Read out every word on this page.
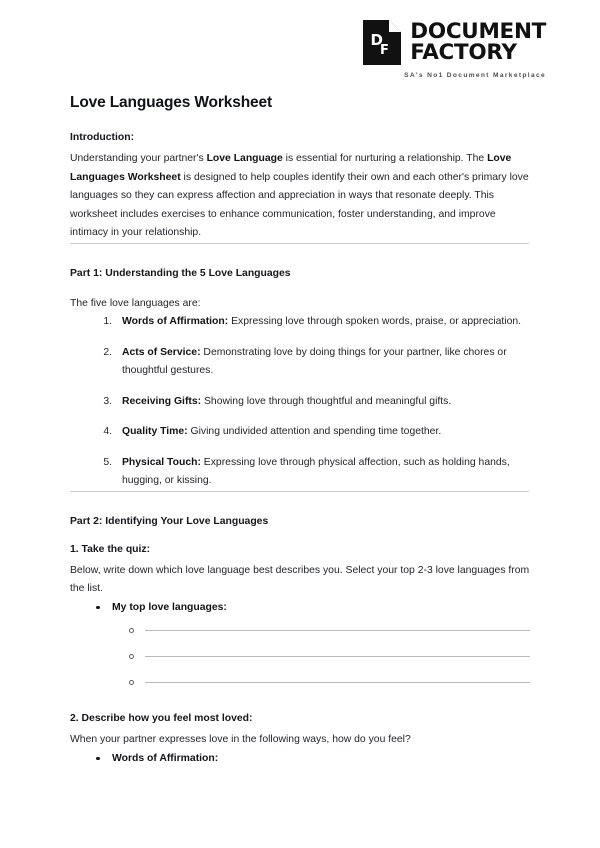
D
F
DOCUMENT
FACTORY
SA's No1 Document Marketplace
Love Languages Worksheet
Introduction:

Understanding your partner's Love Language is essential for nurturing a relationship. The Love Languages Worksheet is designed to help couples identify their own and each other's primary love languages so they can express affection and appreciation in ways that resonate deeply. This worksheet includes exercises to enhance communication, foster understanding, and improve intimacy in your relationship.

Part 1: Understanding the 5 Love Languages

The five love languages are:

1. Words of Affirmation: Expressing love through spoken words, praise, or appreciation.
2. Acts of Service: Demonstrating love by doing things for your partner, like chores or thoughtful gestures.
3. Receiving Gifts: Showing love through thoughtful and meaningful gifts.
4. Quality Time: Giving undivided attention and spending time together.
5. Physical Touch: Expressing love through physical affection, such as holding hands, hugging, or kissing.
Part 2: Identifying Your Love Languages
1. Take the quiz:

Below, write down which love language best describes you. Select your top 2-3 love languages from the list.

My top love languages:
2. Describe how you feel most loved:

When your partner expresses love in the following ways, how do you feel?

Words of Affirmation:
